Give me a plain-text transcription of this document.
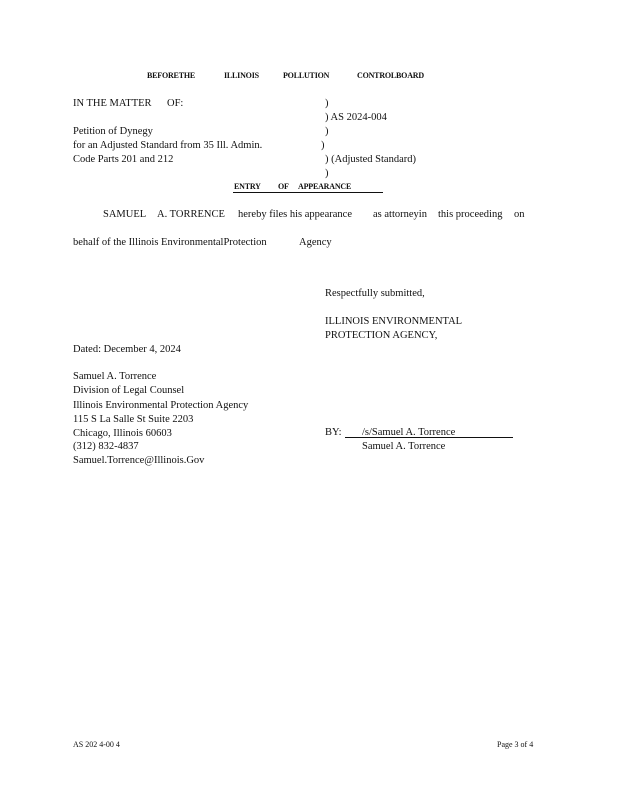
BEFORETHE	ILLINOIS	POLLUTION	CONTROLBOARD
IN THE MATTER OF:
Petition of Dynegy
for an Adjusted Standard from 35 Ill. Admin.
Code Parts 201 and 212
)
) AS 2024-004
)
)
) (Adjusted Standard)
)
ENTRY OF APPEARANCE
SAMUEL A. TORRENCE hereby files his appearance as attorneyin this proceeding on
behalf of the Illinois EnvironmentalProtection	Agency
Respectfully submitted,
ILLINOIS ENVIRONMENTAL
PROTECTION AGENCY,
BY: /s/Samuel A. Torrence
Samuel A. Torrence
Dated: December 4, 2024
Samuel A. Torrence
Division of Legal Counsel
Illinois Environmental Protection Agency
115 S La Salle St Suite 2203
Chicago, Illinois 60603
(312) 832-4837
Samuel.Torrence@Illinois.Gov
AS 202 4-00 4	Page 3 of 4
